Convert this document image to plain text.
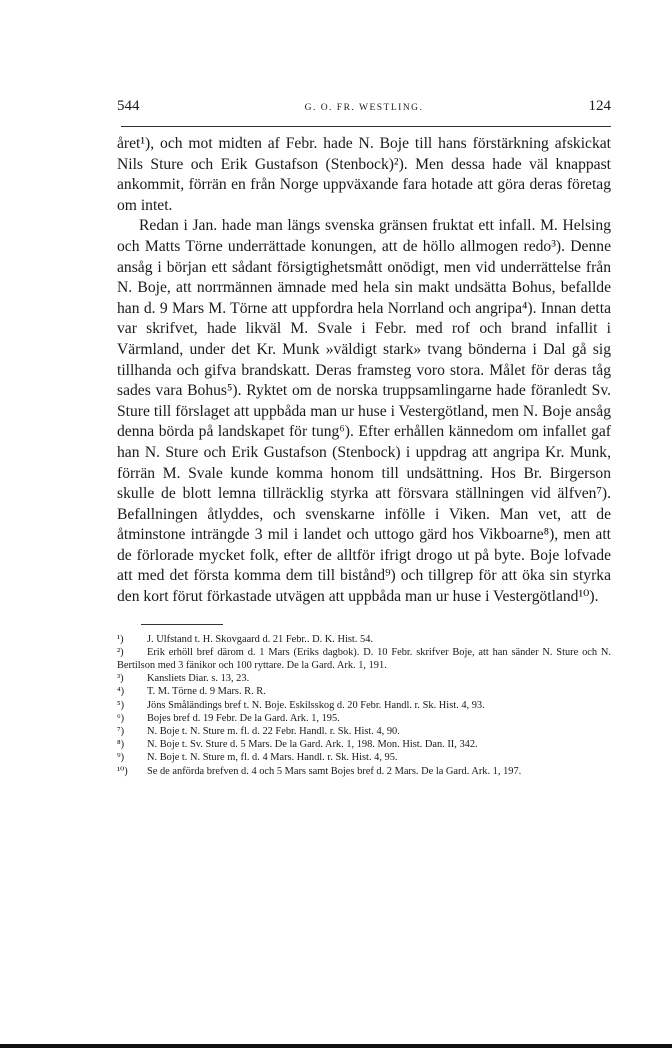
544	G. O. FR. WESTLING.	124

året¹), och mot midten af Febr. hade N. Boje till hans förstärkning afskickat Nils Sture och Erik Gustafson (Stenbock)²). Men dessa hade väl knappast ankommit, förrän en från Norge uppväxande fara hotade att göra deras företag om intet.

Redan i Jan. hade man längs svenska gränsen fruktat ett infall. M. Helsing och Matts Törne underrättade konungen, att de höllo allmogen redo³). Denne ansåg i början ett sådant försigtighetsmått onödigt, men vid underrättelse från N. Boje, att norrmännen ämnade med hela sin makt undsätta Bohus, befallde han d. 9 Mars M. Törne att uppfordra hela Norrland och angripa⁴). Innan detta var skrifvet, hade likväl M. Svale i Febr. med rof och brand infallit i Värmland, under det Kr. Munk »väldigt stark» tvang bönderna i Dal gå sig tillhanda och gifva brandskatt. Deras framsteg voro stora. Målet för deras tåg sades vara Bohus⁵). Ryktet om de norska truppsamlingarne hade föranledt Sv. Sture till förslaget att uppbåda man ur huse i Vestergötland, men N. Boje ansåg denna börda på landskapet för tung⁶). Efter erhållen kännedom om infallet gaf han N. Sture och Erik Gustafson (Stenbock) i uppdrag att angripa Kr. Munk, förrän M. Svale kunde komma honom till undsättning. Hos Br. Birgerson skulle de blott lemna tillräcklig styrka att försvara ställningen vid älfven⁷). Befallningen åtlyddes, och svenskarne infölle i Viken. Man vet, att de åtminstone inträngde 3 mil i landet och uttogo gärd hos Vikboarne⁸), men att de förlorade mycket folk, efter de alltför ifrigt drogo ut på byte. Boje lofvade att med det första komma dem till bistånd⁹) och tillgrep för att öka sin styrka den kort förut förkastade utvägen att uppbåda man ur huse i Vestergötland¹⁰).

¹) J. Ulfstand t. H. Skovgaard d. 21 Febr.. D. K. Hist. 54.

²) Erik erhöll bref därom d. 1 Mars (Eriks dagbok). D. 10 Febr. skrifver Boje, att han sänder N. Sture och N. Bertilson med 3 fänikor och 100 ryttare. De la Gard. Ark. 1, 191.

³) Kansliets Diar. s. 13, 23.

⁴) T. M. Törne d. 9 Mars. R. R.

⁵) Jöns Småländings bref t. N. Boje. Eskilsskog d. 20 Febr. Handl. r. Sk. Hist. 4, 93.

⁶) Bojes bref d. 19 Febr. De la Gard. Ark. 1, 195.

⁷) N. Boje t. N. Sture m. fl. d. 22 Febr. Handl. r. Sk. Hist. 4, 90.

⁸) N. Boje t. Sv. Sture d. 5 Mars. De la Gard. Ark. 1, 198. Mon. Hist. Dan. II, 342.

⁹) N. Boje t. N. Sture m, fl. d. 4 Mars. Handl. r. Sk. Hist. 4, 95.

¹⁰) Se de anförda brefven d. 4 och 5 Mars samt Bojes bref d. 2 Mars. De la Gard. Ark. 1, 197.
